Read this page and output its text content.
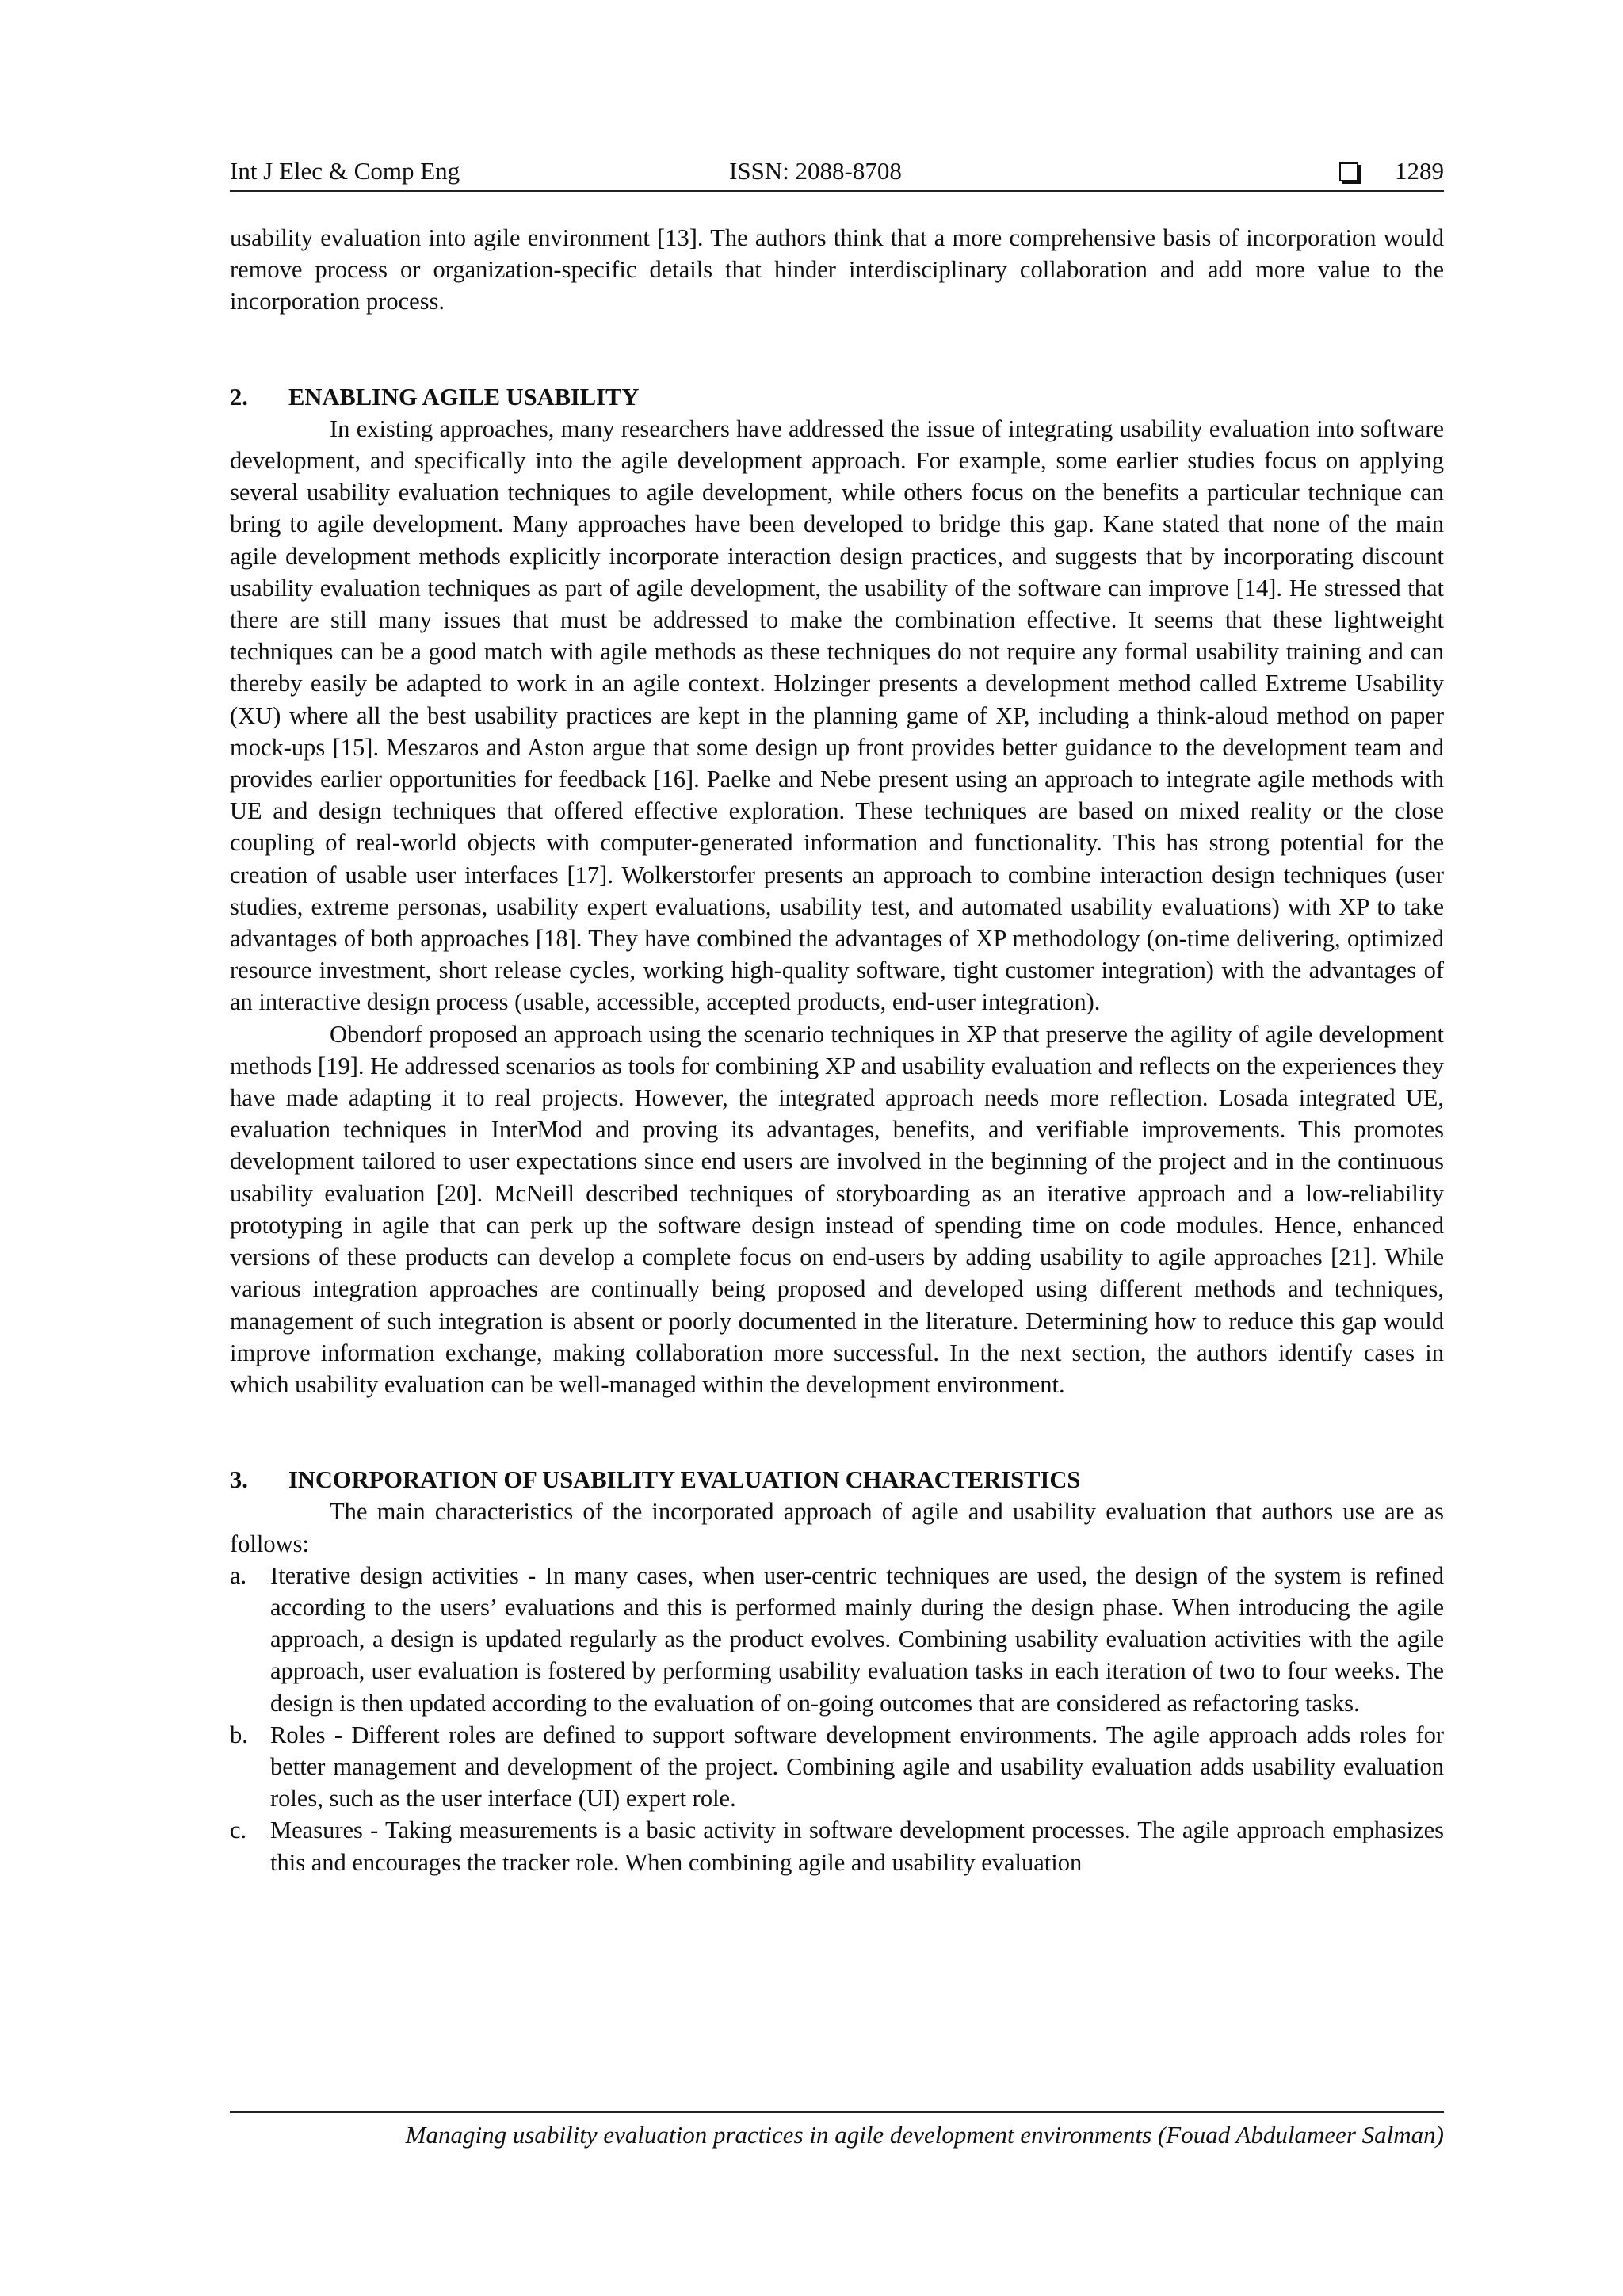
Int J Elec & Comp Eng	ISSN: 2088-8708	1289

usability evaluation into agile environment [13]. The authors think that a more comprehensive basis of incorporation would remove process or organization-specific details that hinder interdisciplinary collaboration and add more value to the incorporation process.

2.	ENABLING AGILE USABILITY

In existing approaches, many researchers have addressed the issue of integrating usability evaluation into software development, and specifically into the agile development approach. For example, some earlier studies focus on applying several usability evaluation techniques to agile development, while others focus on the benefits a particular technique can bring to agile development. Many approaches have been developed to bridge this gap. Kane stated that none of the main agile development methods explicitly incorporate interaction design practices, and suggests that by incorporating discount usability evaluation techniques as part of agile development, the usability of the software can improve [14]. He stressed that there are still many issues that must be addressed to make the combination effective. It seems that these lightweight techniques can be a good match with agile methods as these techniques do not require any formal usability training and can thereby easily be adapted to work in an agile context. Holzinger presents a development method called Extreme Usability (XU) where all the best usability practices are kept in the planning game of XP, including a think-aloud method on paper mock-ups [15]. Meszaros and Aston argue that some design up front provides better guidance to the development team and provides earlier opportunities for feedback [16]. Paelke and Nebe present using an approach to integrate agile methods with UE and design techniques that offered effective exploration. These techniques are based on mixed reality or the close coupling of real-world objects with computer-generated information and functionality. This has strong potential for the creation of usable user interfaces [17]. Wolkerstorfer presents an approach to combine interaction design techniques (user studies, extreme personas, usability expert evaluations, usability test, and automated usability evaluations) with XP to take advantages of both approaches [18]. They have combined the advantages of XP methodology (on-time delivering, optimized resource investment, short release cycles, working high-quality software, tight customer integration) with the advantages of an interactive design process (usable, accessible, accepted products, end-user integration).

Obendorf proposed an approach using the scenario techniques in XP that preserve the agility of agile development methods [19]. He addressed scenarios as tools for combining XP and usability evaluation and reflects on the experiences they have made adapting it to real projects. However, the integrated approach needs more reflection. Losada integrated UE, evaluation techniques in InterMod and proving its advantages, benefits, and verifiable improvements. This promotes development tailored to user expectations since end users are involved in the beginning of the project and in the continuous usability evaluation [20]. McNeill described techniques of storyboarding as an iterative approach and a low-reliability prototyping in agile that can perk up the software design instead of spending time on code modules. Hence, enhanced versions of these products can develop a complete focus on end-users by adding usability to agile approaches [21]. While various integration approaches are continually being proposed and developed using different methods and techniques, management of such integration is absent or poorly documented in the literature. Determining how to reduce this gap would improve information exchange, making collaboration more successful. In the next section, the authors identify cases in which usability evaluation can be well-managed within the development environment.

3.	INCORPORATION OF USABILITY EVALUATION CHARACTERISTICS

The main characteristics of the incorporated approach of agile and usability evaluation that authors use are as follows:

a. Iterative design activities - In many cases, when user-centric techniques are used, the design of the system is refined according to the users’ evaluations and this is performed mainly during the design phase. When introducing the agile approach, a design is updated regularly as the product evolves. Combining usability evaluation activities with the agile approach, user evaluation is fostered by performing usability evaluation tasks in each iteration of two to four weeks. The design is then updated according to the evaluation of on-going outcomes that are considered as refactoring tasks.
b. Roles - Different roles are defined to support software development environments. The agile approach adds roles for better management and development of the project. Combining agile and usability evaluation adds usability evaluation roles, such as the user interface (UI) expert role.
c. Measures - Taking measurements is a basic activity in software development processes. The agile approach emphasizes this and encourages the tracker role. When combining agile and usability evaluation
Managing usability evaluation practices in agile development environments (Fouad Abdulameer Salman)
